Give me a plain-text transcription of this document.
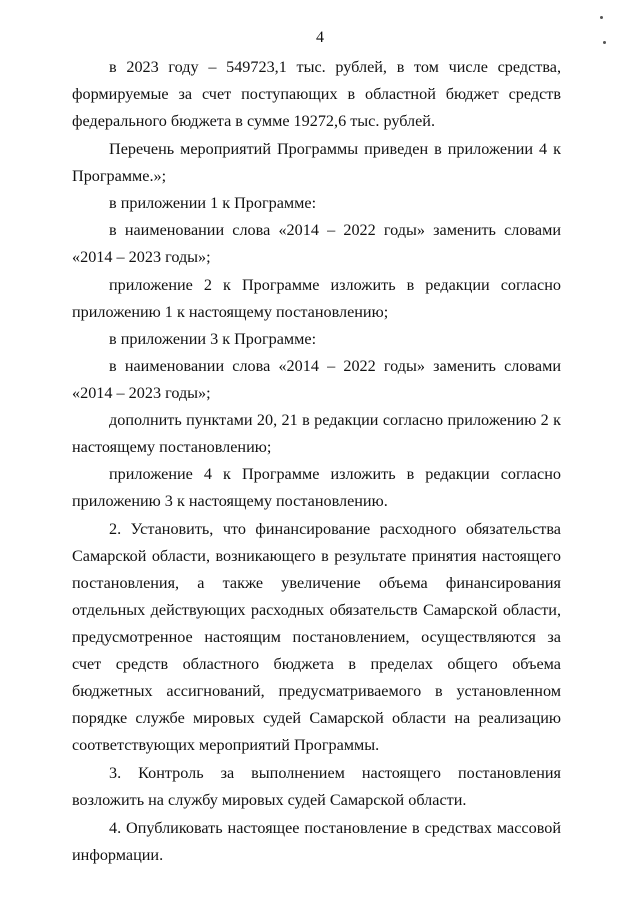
4

в 2023 году – 549723,1 тыс. рублей, в том числе средства, формируемые за счет поступающих в областной бюджет средств федерального бюджета в сумме 19272,6 тыс. рублей.

Перечень мероприятий Программы приведен в приложении 4 к Программе.»;

в приложении 1 к Программе:

в наименовании слова «2014 – 2022 годы» заменить словами «2014 – 2023 годы»;

приложение 2 к Программе изложить в редакции согласно приложению 1 к настоящему постановлению;

в приложении 3 к Программе:

в наименовании слова «2014 – 2022 годы» заменить словами «2014 – 2023 годы»;

дополнить пунктами 20, 21 в редакции согласно приложению 2 к настоящему постановлению;

приложение 4 к Программе изложить в редакции согласно приложению 3 к настоящему постановлению.

2. Установить, что финансирование расходного обязательства Самарской области, возникающего в результате принятия настоящего постановления, а также увеличение объема финансирования отдельных действующих расходных обязательств Самарской области, предусмотренное настоящим постановлением, осуществляются за счет средств областного бюджета в пределах общего объема бюджетных ассигнований, предусматриваемого в установленном порядке службе мировых судей Самарской области на реализацию соответствующих мероприятий Программы.

3. Контроль за выполнением настоящего постановления возложить на службу мировых судей Самарской области.

4. Опубликовать настоящее постановление в средствах массовой информации.
